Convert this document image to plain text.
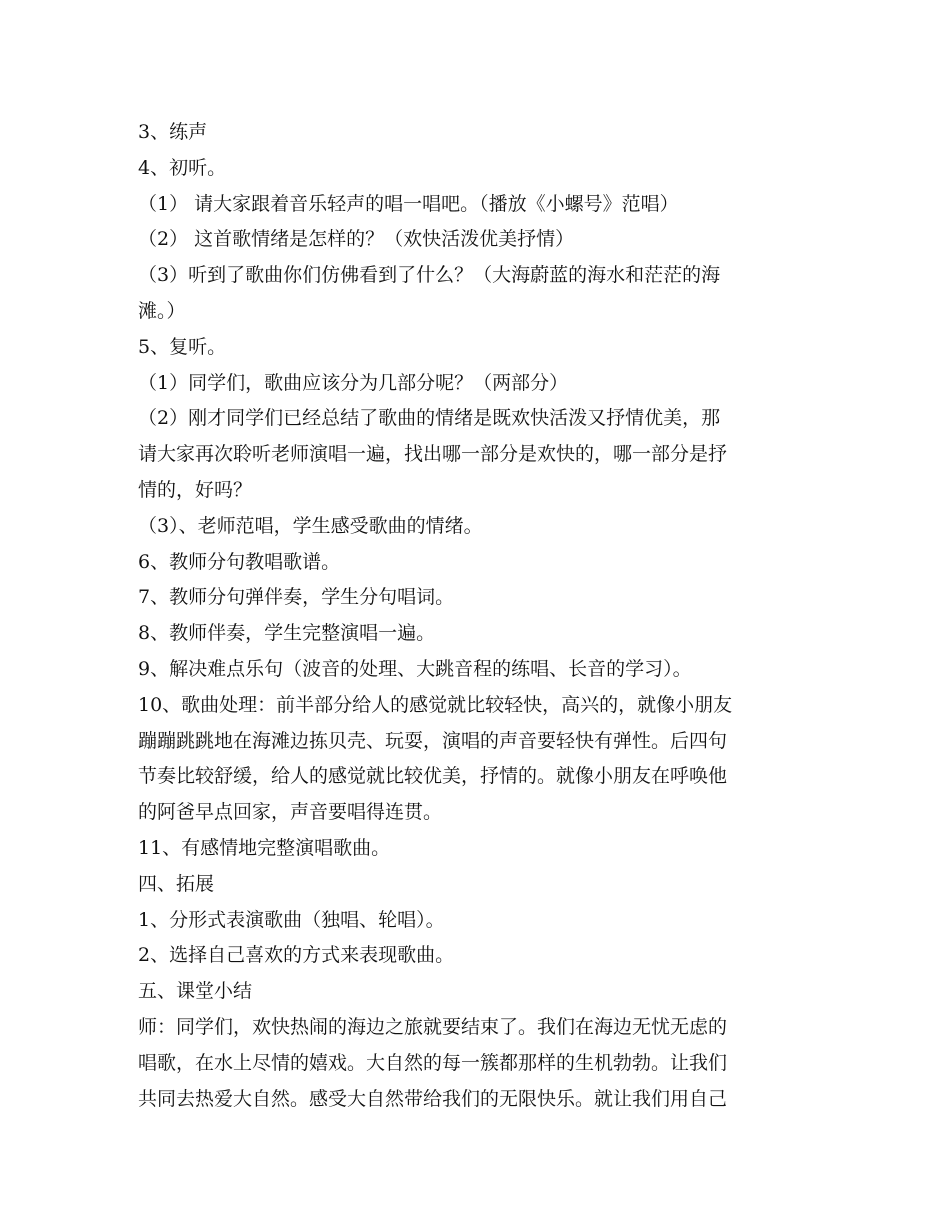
3、练声
4、初听。
（1） 请大家跟着音乐轻声的唱一唱吧。（播放《小螺号》范唱）
（2） 这首歌情绪是怎样的？（欢快活泼优美抒情）
（3）听到了歌曲你们仿佛看到了什么？（大海蔚蓝的海水和茫茫的海
滩。）
5、复听。
（1）同学们，歌曲应该分为几部分呢？（两部分）
（2）刚才同学们已经总结了歌曲的情绪是既欢快活泼又抒情优美，那
请大家再次聆听老师演唱一遍，找出哪一部分是欢快的，哪一部分是抒
情的，好吗？
（3）、老师范唱，学生感受歌曲的情绪。
6、教师分句教唱歌谱。
7、教师分句弹伴奏，学生分句唱词。
8、教师伴奏，学生完整演唱一遍。
9、解决难点乐句（波音的处理、大跳音程的练唱、长音的学习）。
10、歌曲处理：前半部分给人的感觉就比较轻快，高兴的，就像小朋友
蹦蹦跳跳地在海滩边拣贝壳、玩耍，演唱的声音要轻快有弹性。后四句
节奏比较舒缓，给人的感觉就比较优美，抒情的。就像小朋友在呼唤他
的阿爸早点回家，声音要唱得连贯。
11、有感情地完整演唱歌曲。
四、拓展
1、分形式表演歌曲（独唱、轮唱）。
2、选择自己喜欢的方式来表现歌曲。
五、课堂小结
师：同学们，欢快热闹的海边之旅就要结束了。我们在海边无忧无虑的
唱歌，在水上尽情的嬉戏。大自然的每一簇都那样的生机勃勃。让我们
共同去热爱大自然。感受大自然带给我们的无限快乐。就让我们用自己
